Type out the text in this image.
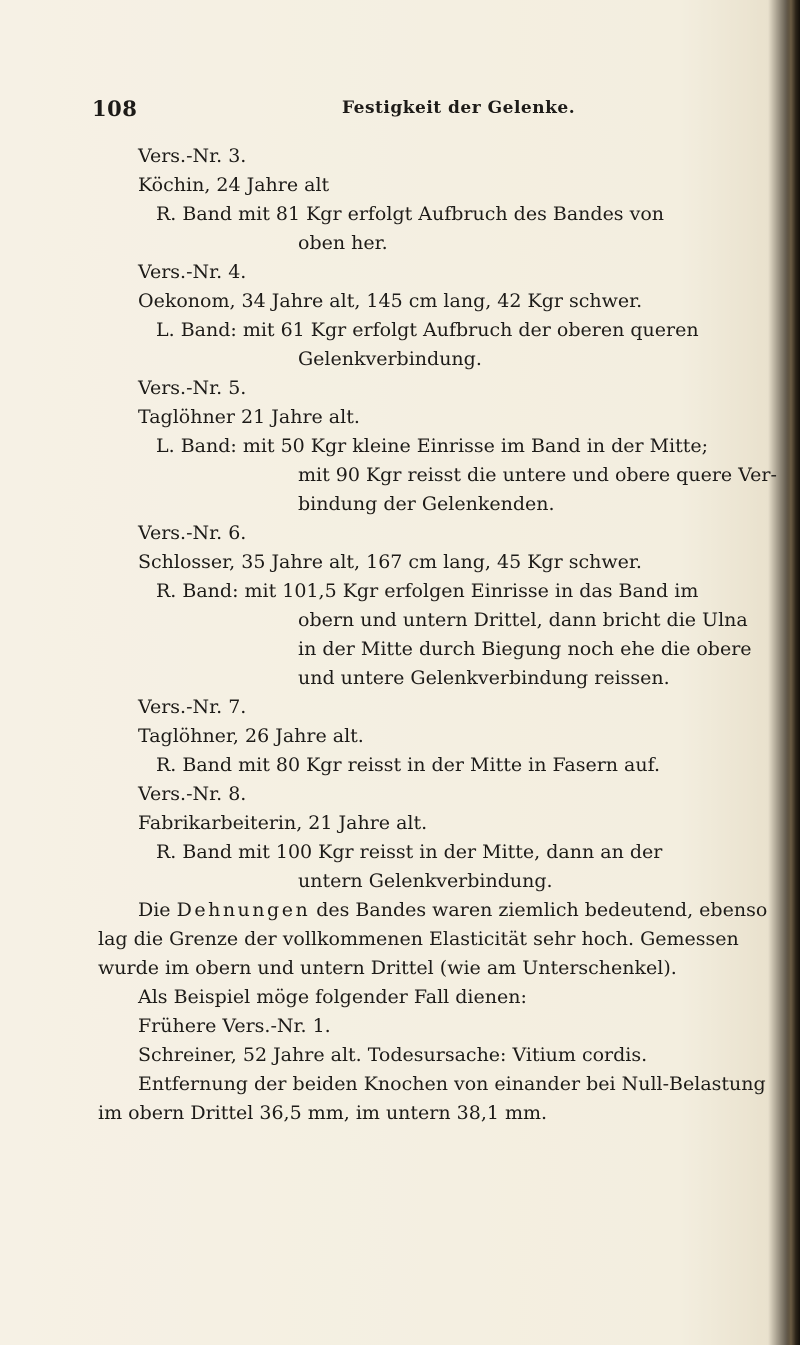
108	Festigkeit der Gelenke.
Vers.-Nr. 3.
Köchin, 24 Jahre alt
R. Band mit 81 Kgr erfolgt Aufbruch des Bandes von
oben her.
Vers.-Nr. 4.
Oekonom, 34 Jahre alt, 145 cm lang, 42 Kgr schwer.
L. Band: mit 61 Kgr erfolgt Aufbruch der oberen queren
Gelenkverbindung.
Vers.-Nr. 5.
Taglöhner 21 Jahre alt.
L. Band: mit 50 Kgr kleine Einrisse im Band in der Mitte;
mit 90 Kgr reisst die untere und obere quere Ver-
bindung der Gelenkenden.
Vers.-Nr. 6.
Schlosser, 35 Jahre alt, 167 cm lang, 45 Kgr schwer.
R. Band: mit 101,5 Kgr erfolgen Einrisse in das Band im
obern und untern Drittel, dann bricht die Ulna
in der Mitte durch Biegung noch ehe die obere
und untere Gelenkverbindung reissen.
Vers.-Nr. 7.
Taglöhner, 26 Jahre alt.
R. Band mit 80 Kgr reisst in der Mitte in Fasern auf.
Vers.-Nr. 8.
Fabrikarbeiterin, 21 Jahre alt.
R. Band mit 100 Kgr reisst in der Mitte, dann an der
untern Gelenkverbindung.
Die Dehnungen des Bandes waren ziemlich bedeutend, ebenso
lag die Grenze der vollkommenen Elasticität sehr hoch. Gemessen
wurde im obern und untern Drittel (wie am Unterschenkel).
Als Beispiel möge folgender Fall dienen:
Frühere Vers.-Nr. 1.
Schreiner, 52 Jahre alt. Todesursache: Vitium cordis.
Entfernung der beiden Knochen von einander bei Null-Belastung
im obern Drittel 36,5 mm, im untern 38,1 mm.
